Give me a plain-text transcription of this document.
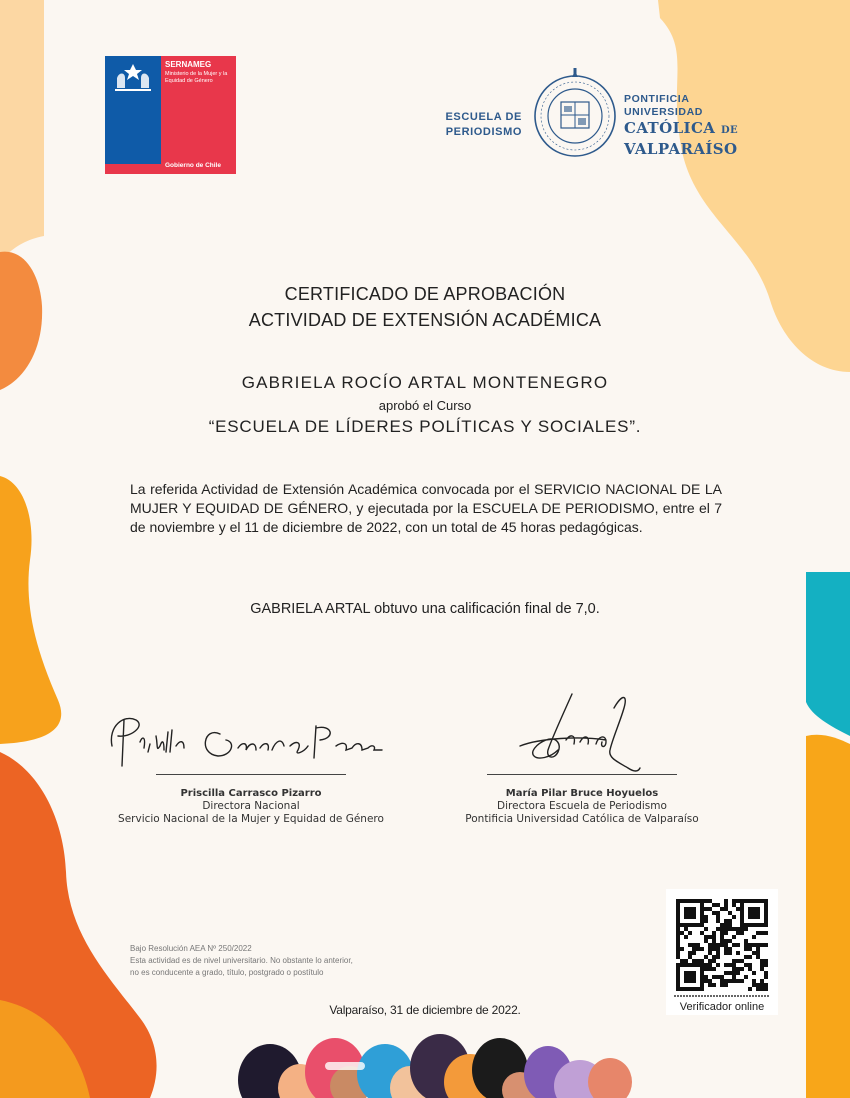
SERNAMEG
Ministerio de la Mujer y la Equidad de Género
Gobierno de Chile
ESCUELA DE
PERIODISMO
PONTIFICIA
UNIVERSIDAD
CATÓLICA DE
VALPARAÍSO
CERTIFICADO DE APROBACIÓN
ACTIVIDAD DE EXTENSIÓN ACADÉMICA
GABRIELA ROCÍO ARTAL MONTENEGRO
aprobó el Curso
“ESCUELA DE LÍDERES POLÍTICAS Y SOCIALES”.
La referida Actividad de Extensión Académica convocada por el SERVICIO NACIONAL DE LA MUJER Y EQUIDAD DE GÉNERO, y ejecutada por la ESCUELA DE PERIODISMO, entre el 7 de noviembre y el 11 de diciembre de 2022, con un total de 45 horas pedagógicas.
GABRIELA ARTAL obtuvo una calificación final de 7,0.
Priscilla Carrasco Pizarro
Directora Nacional
Servicio Nacional de la Mujer y Equidad de Género
María Pilar Bruce Hoyuelos
Directora Escuela de Periodismo
Pontificia Universidad Católica de Valparaíso
Bajo Resolución AEA Nº 250/2022
Esta actividad es de nivel universitario. No obstante lo anterior,
no es conducente a grado, título, postgrado o postítulo
Valparaíso, 31 de diciembre de 2022.	Verificador online
